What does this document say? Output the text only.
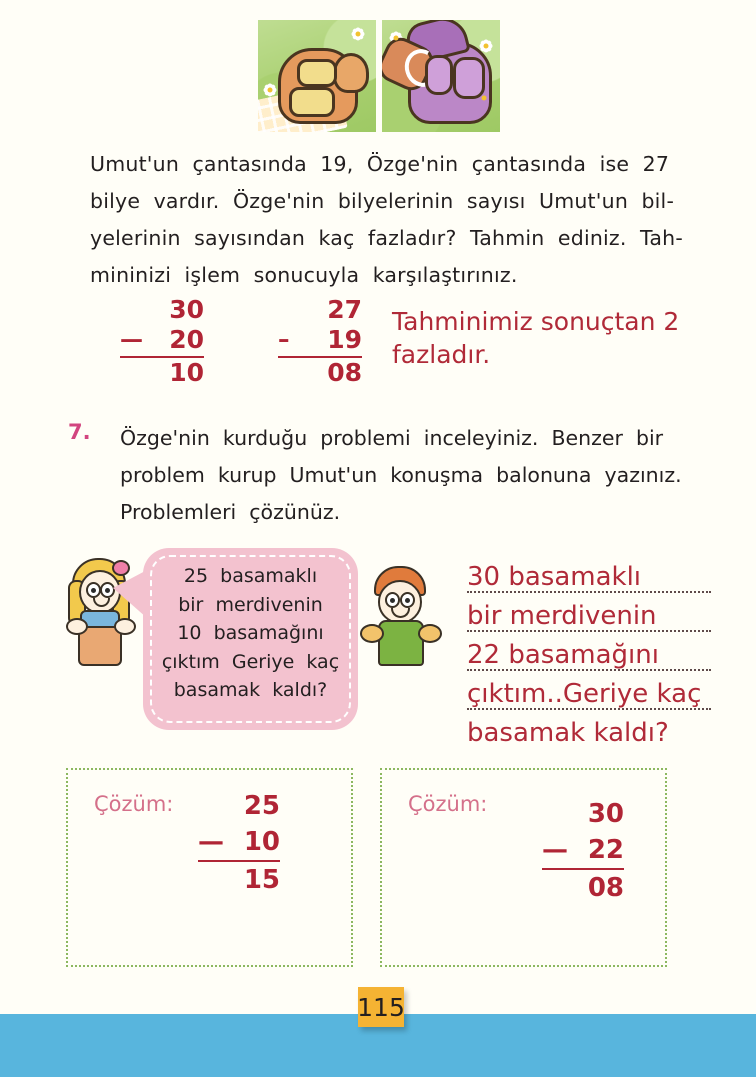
Umut'un  çantasında  19,  Özge'nin  çantasında  ise  27
bilye  vardır.  Özge'nin  bilyelerinin  sayısı  Umut'un  bil-
yelerinin  sayısından  kaç  fazladır?  Tahmin  ediniz.  Tah-
mininizi  işlem  sonucuyla  karşılaştırınız.
30
— 20
10
27
– 19
08
Tahminimiz sonuçtan 2
fazladır.
7. Özge'nin  kurduğu  problemi  inceleyiniz.  Benzer  bir
problem  kurup  Umut'un  konuşma  balonuna  yazınız.
Problemleri  çözünüz.
25  basamaklı
bir  merdivenin
10  basamağını
çıktım  Geriye  kaç
basamak  kaldı?
30 basamaklı
bir merdivenin
22 basamağını
çıktım..Geriye kaç
basamak kaldı?
Çözüm:	25
— 10
15
Çözüm:	30
— 22
08
115
